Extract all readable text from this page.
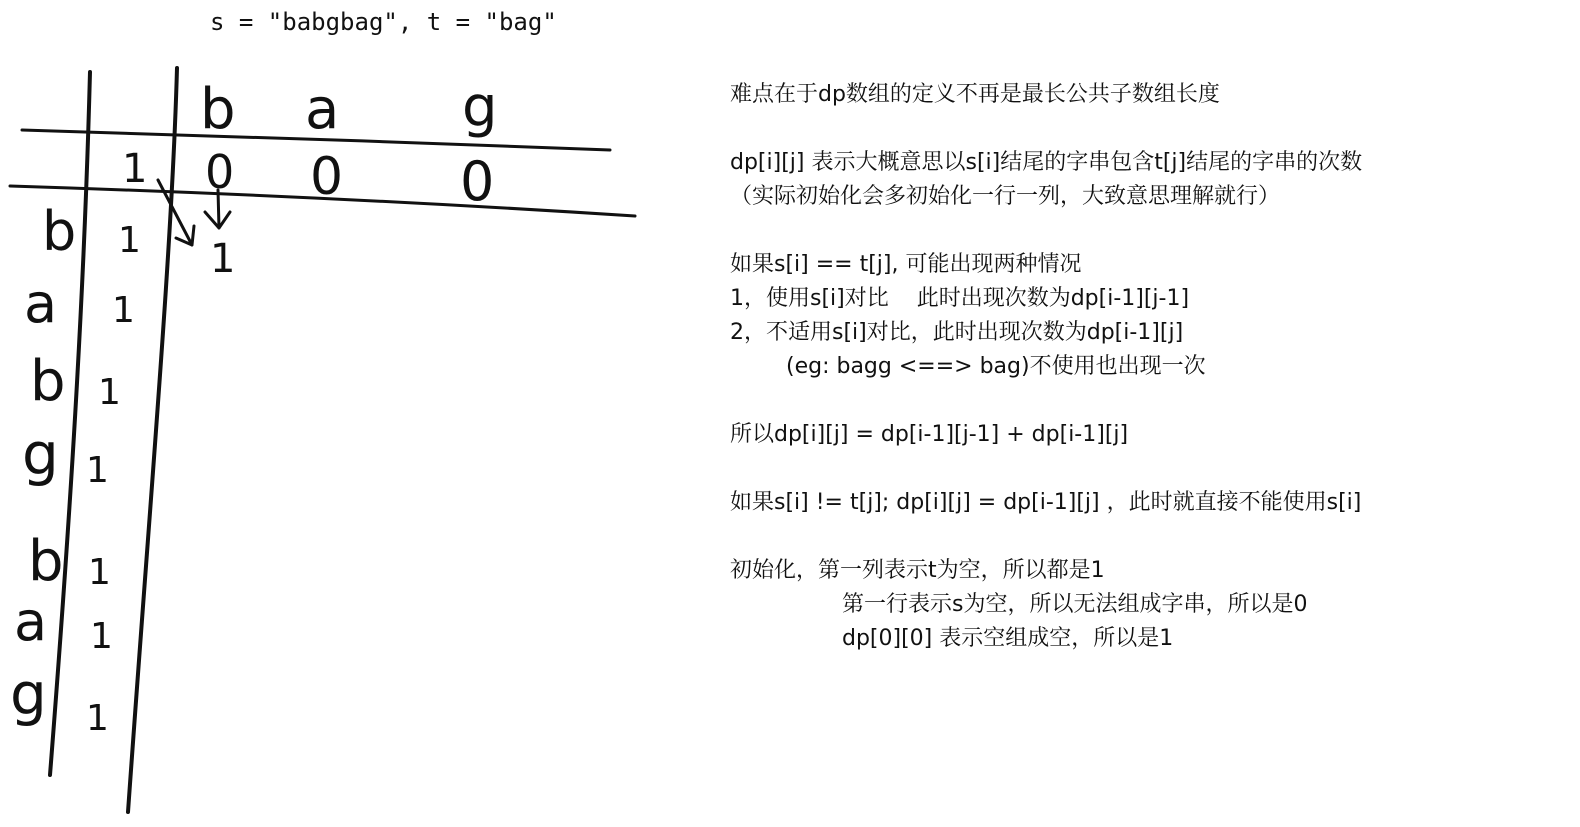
b a g
1 0 0 0
1
b
a
b
g
b
a
g
1
1
1
1
1
1
1
s = "babgbag", t = "bag"
难点在于dp数组的定义不再是最长公共子数组长度
dp[i][j] 表示大概意思以s[i]结尾的字串包含t[j]结尾的字串的次数
（实际初始化会多初始化一行一列，大致意思理解就行）
如果s[i] == t[j], 可能出现两种情况
1，使用s[i]对比    此时出现次数为dp[i-1][j-1]
2，不适用s[i]对比，此时出现次数为dp[i-1][j]
(eg: bagg <==> bag)不使用也出现一次
所以dp[i][j] = dp[i-1][j-1] + dp[i-1][j]
如果s[i] != t[j]; dp[i][j] = dp[i-1][j] ，此时就直接不能使用s[i]
初始化，第一列表示t为空，所以都是1
第一行表示s为空，所以无法组成字串，所以是0
dp[0][0] 表示空组成空，所以是1
